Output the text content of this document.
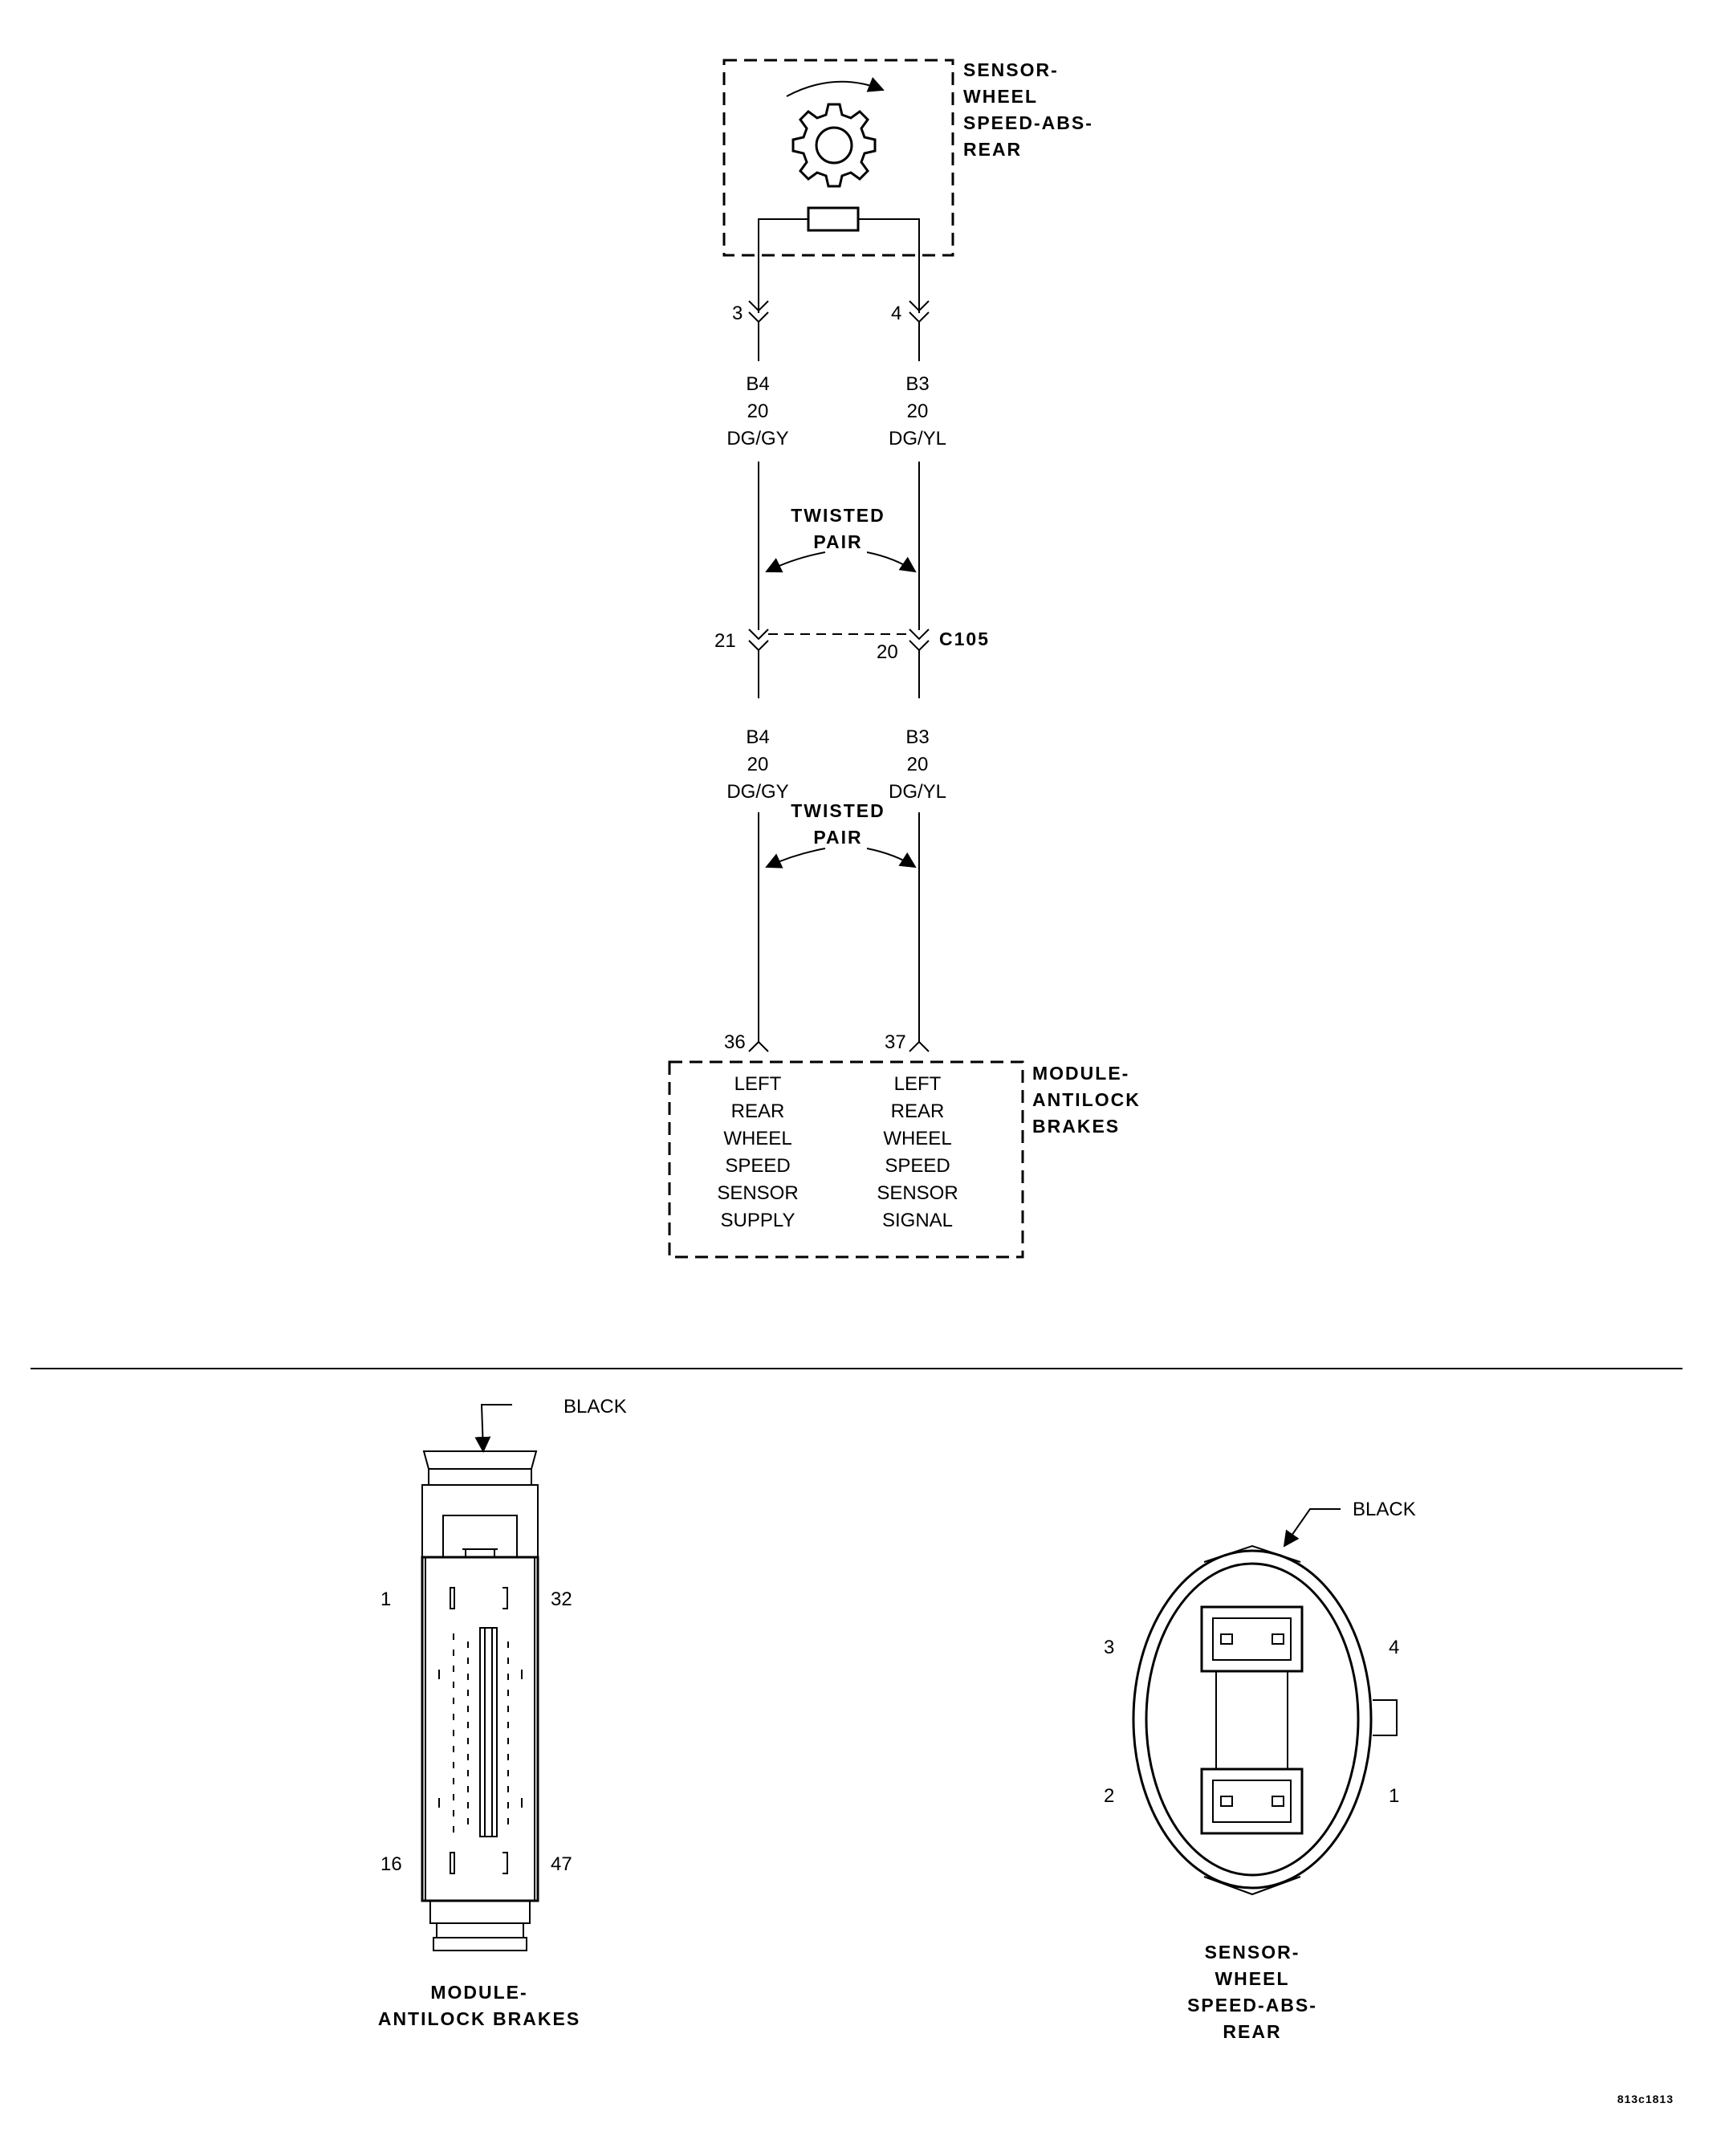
SENSOR-
WHEEL
SPEED-ABS-
REAR
3	4
B4
20
DG/GY
B3
20
DG/YL
TWISTED
PAIR
21
20
C105
B4
20
DG/GY
B3
20
DG/YL
TWISTED
PAIR
36	37
LEFT
REAR
WHEEL
SPEED
SENSOR
SUPPLY
LEFT
REAR
WHEEL
SPEED
SENSOR
SIGNAL
MODULE-
ANTILOCK
BRAKES
BLACK
1	32
16	47
MODULE-
ANTILOCK BRAKES
BLACK
3	4
2	1
SENSOR-
WHEEL
SPEED-ABS-
REAR
813c1813
